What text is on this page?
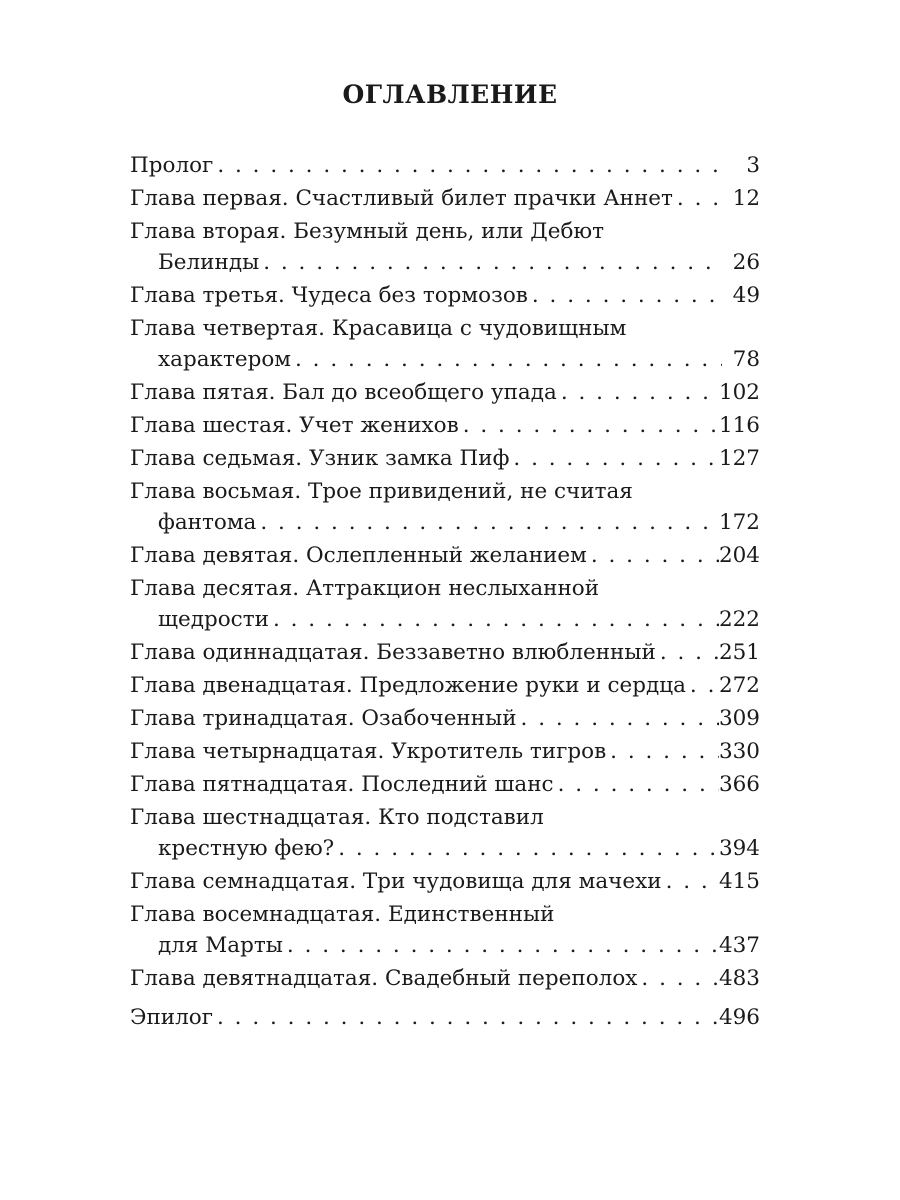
ОГЛАВЛЕНИЕ
Пролог . . .	3
Глава первая. Счастливый билет прачки Аннет . . .	12
Глава вторая. Безумный день, или Дебют
Белинды . . .	26
Глава третья. Чудеса без тормозов . . .	49
Глава четвертая. Красавица с чудовищным
характером . . .	78
Глава пятая. Бал до всеобщего упада . . .	102
Глава шестая. Учет женихов . . .	116
Глава седьмая. Узник замка Пиф . . .	127
Глава восьмая. Трое привидений, не считая
фантома . . .	172
Глава девятая. Ослепленный желанием . . .	204
Глава десятая. Аттракцион неслыханной
щедрости . . .	222
Глава одиннадцатая. Беззаветно влюбленный . . .	251
Глава двенадцатая. Предложение руки и сердца . . . 272
Глава тринадцатая. Озабоченный . . .	309
Глава четырнадцатая. Укротитель тигров . . .	330
Глава пятнадцатая. Последний шанс . . .	366
Глава шестнадцатая. Кто подставил
крестную фею? . . .	394
Глава семнадцатая. Три чудовища для мачехи . . .	415
Глава восемнадцатая. Единственный
для Марты . . .	437
Глава девятнадцатая. Свадебный переполох . . .	483
Эпилог . . .	496
